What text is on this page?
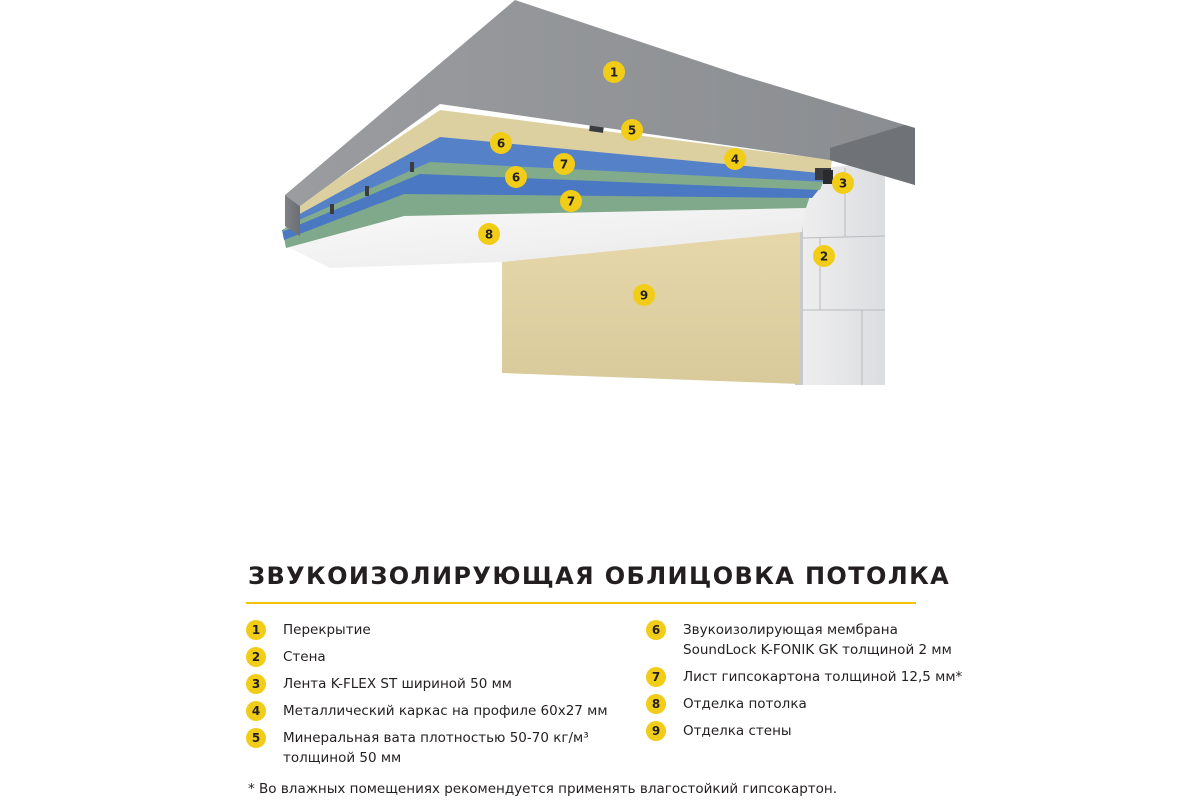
1
5
6
7	4
3
6
7
8
2
9
ЗВУКОИЗОЛИРУЮЩАЯ ОБЛИЦОВКА ПОТОЛКА
1	Перекрытие
2	Стена
3	Лента K-FLEX ST шириной 50 мм
4	Металлический каркас на профиле 60x27 мм
5	Минеральная вата плотностью 50-70 кг/м³
толщиной 50 мм
6	Звукоизолирующая мембрана
SoundLock K-FONIK GK толщиной 2 мм
7	Лист гипсокартона толщиной 12,5 мм*
8	Отделка потолка
9	Отделка стены
* Во влажных помещениях рекомендуется применять влагостойкий гипсокартон.
